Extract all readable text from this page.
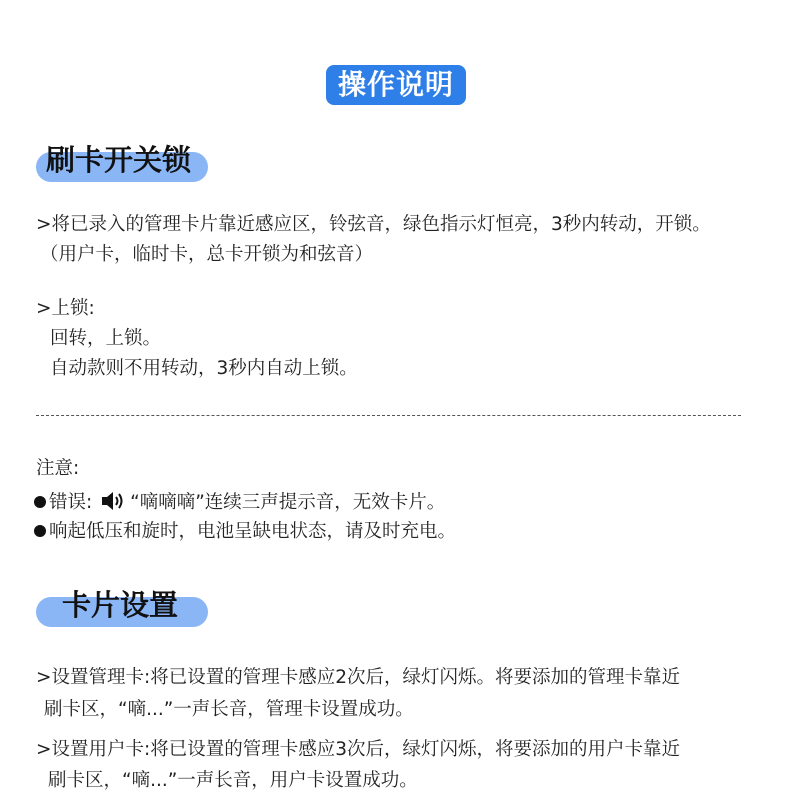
操作说明
刷卡开关锁
>将已录入的管理卡片靠近感应区，铃弦音，绿色指示灯恒亮，3秒内转动，开锁。
（用户卡，临时卡，总卡开锁为和弦音）
>上锁:
回转，上锁。
自动款则不用转动，3秒内自动上锁。
注意:
错误: “嘀嘀嘀”连续三声提示音，无效卡片。
响起低压和旋时，电池呈缺电状态，请及时充电。
卡片设置
>设置管理卡:将已设置的管理卡感应2次后，绿灯闪烁。将要添加的管理卡靠近
刷卡区，“嘀...”一声长音，管理卡设置成功。
>设置用户卡:将已设置的管理卡感应3次后，绿灯闪烁，将要添加的用户卡靠近
刷卡区，“嘀...”一声长音，用户卡设置成功。
